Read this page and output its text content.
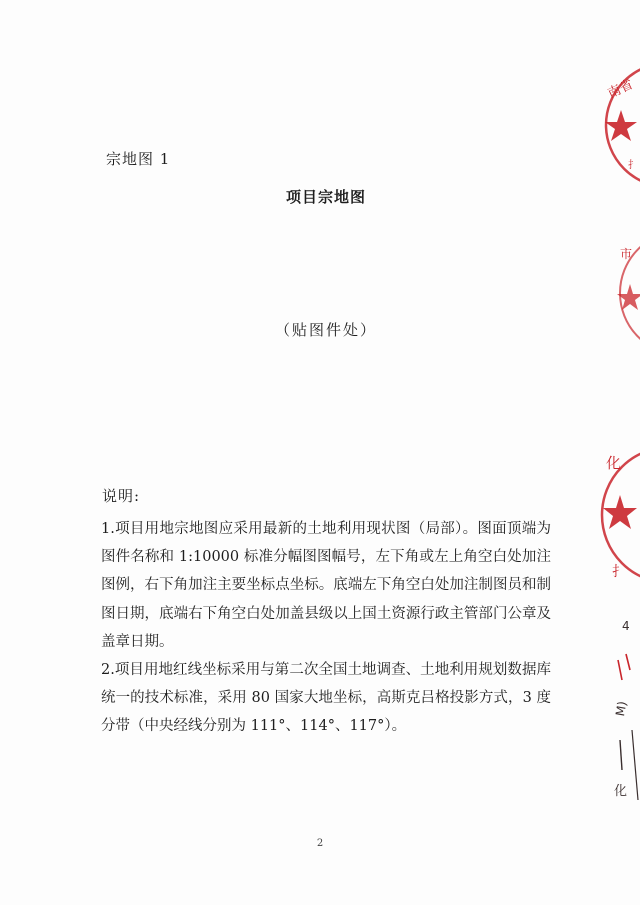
宗地图 1
项目宗地图
（贴图件处）
说明:

1.项目用地宗地图应采用最新的土地利用现状图（局部）。图面顶端为图件名称和 1:10000 标准分幅图图幅号，左下角或左上角空白处加注图例，右下角加注主要坐标点坐标。底端左下角空白处加注制图员和制图日期，底端右下角空白处加盖县级以上国土资源行政主管部门公章及盖章日期。

2.项目用地红线坐标采用与第二次全国土地调查、土地利用规划数据库统一的技术标准，采用 80 国家大地坐标，高斯克吕格投影方式，3 度分带（中央经线分别为 111°、114°、117°）。

2
南省
扌
市
化
扌
4
M)
化
